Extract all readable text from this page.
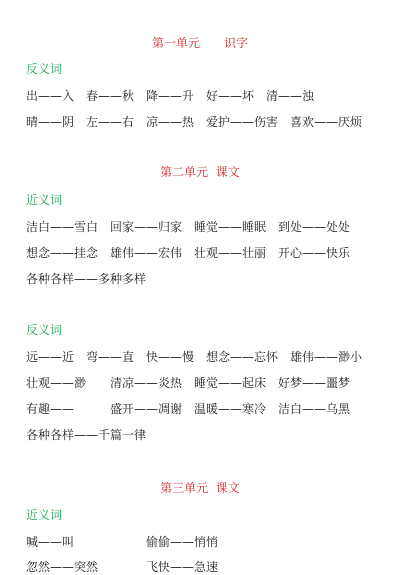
第一单元　　识字
反义词
出——入　春——秋　降——升　好——坏　清——浊
晴——阴　左——右　凉——热　爱护——伤害　喜欢——厌烦
第二单元  课文
近义词
洁白——雪白　回家——归家　睡觉——睡眠　到处——处处
想念——挂念　雄伟——宏伟　壮观——壮丽　开心——快乐
各种各样——多种多样
反义词
远——近　弯——直　快——慢　想念——忘怀　雄伟——渺小
壮观——渺　　清凉——炎热　睡觉——起床　好梦——噩梦
有趣——　　　盛开——凋谢　温暖——寒冷　洁白——乌黑
各种各样——千篇一律
第三单元  课文
近义词
喊——叫　　　　　　偷偷——悄悄
忽然——突然　　　　飞快——急速
